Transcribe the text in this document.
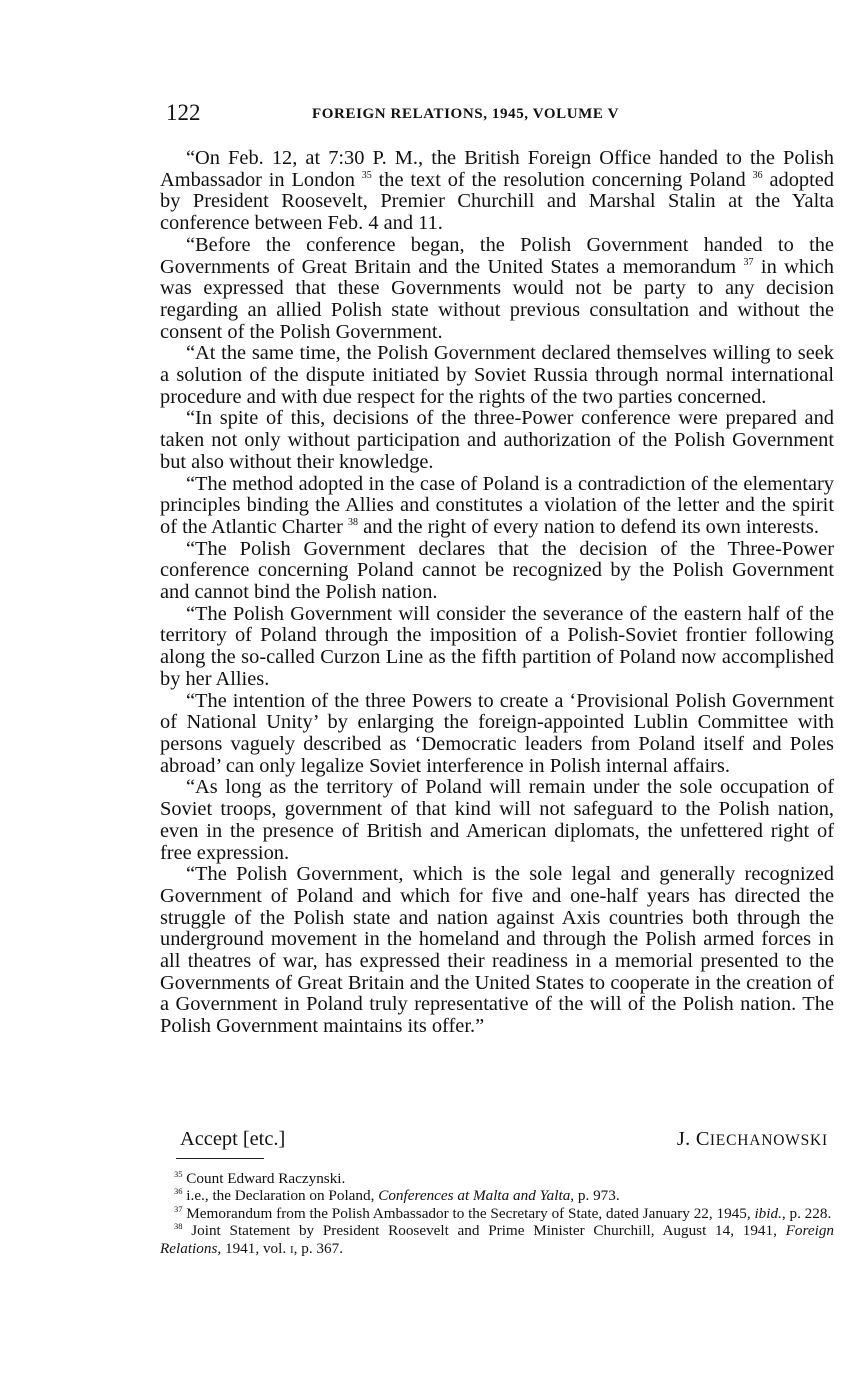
122	FOREIGN RELATIONS, 1945, VOLUME V

“On Feb. 12, at 7:30 P. M., the British Foreign Office handed to the Polish Ambassador in London $^{35}$ the text of the resolution concerning Poland $^{36}$ adopted by President Roosevelt, Premier Churchill and Marshal Stalin at the Yalta conference between Feb. 4 and 11.

“Before the conference began, the Polish Government handed to the Governments of Great Britain and the United States a memorandum $^{37}$ in which was expressed that these Governments would not be party to any decision regarding an allied Polish state without previous consultation and without the consent of the Polish Government.

“At the same time, the Polish Government declared themselves willing to seek a solution of the dispute initiated by Soviet Russia through normal international procedure and with due respect for the rights of the two parties concerned.

“In spite of this, decisions of the three-Power conference were prepared and taken not only without participation and authorization of the Polish Government but also without their knowledge.

“The method adopted in the case of Poland is a contradiction of the elementary principles binding the Allies and constitutes a violation of the letter and the spirit of the Atlantic Charter $^{38}$ and the right of every nation to defend its own interests.

“The Polish Government declares that the decision of the Three-Power conference concerning Poland cannot be recognized by the Polish Government and cannot bind the Polish nation.

“The Polish Government will consider the severance of the eastern half of the territory of Poland through the imposition of a Polish-Soviet frontier following along the so-called Curzon Line as the fifth partition of Poland now accomplished by her Allies.

“The intention of the three Powers to create a ‘Provisional Polish Government of National Unity’ by enlarging the foreign-appointed Lublin Committee with persons vaguely described as ‘Democratic leaders from Poland itself and Poles abroad’ can only legalize Soviet interference in Polish internal affairs.

“As long as the territory of Poland will remain under the sole occupation of Soviet troops, government of that kind will not safeguard to the Polish nation, even in the presence of British and American diplomats, the unfettered right of free expression.

“The Polish Government, which is the sole legal and generally recognized Government of Poland and which for five and one-half years has directed the struggle of the Polish state and nation against Axis countries both through the underground movement in the homeland and through the Polish armed forces in all theatres of war, has expressed their readiness in a memorial presented to the Governments of Great Britain and the United States to cooperate in the creation of a Government in Poland truly representative of the will of the Polish nation. The Polish Government maintains its offer.”

Accept [etc.]	J. CIECHANOWSKI

$^{35}$ Count Edward Raczynski.

$^{36}$ i.e., the Declaration on Poland, Conferences at Malta and Yalta, p. 973.

$^{37}$ Memorandum from the Polish Ambassador to the Secretary of State, dated January 22, 1945, ibid., p. 228.

$^{38}$ Joint Statement by President Roosevelt and Prime Minister Churchill, August 14, 1941, Foreign Relations, 1941, vol. I, p. 367.
